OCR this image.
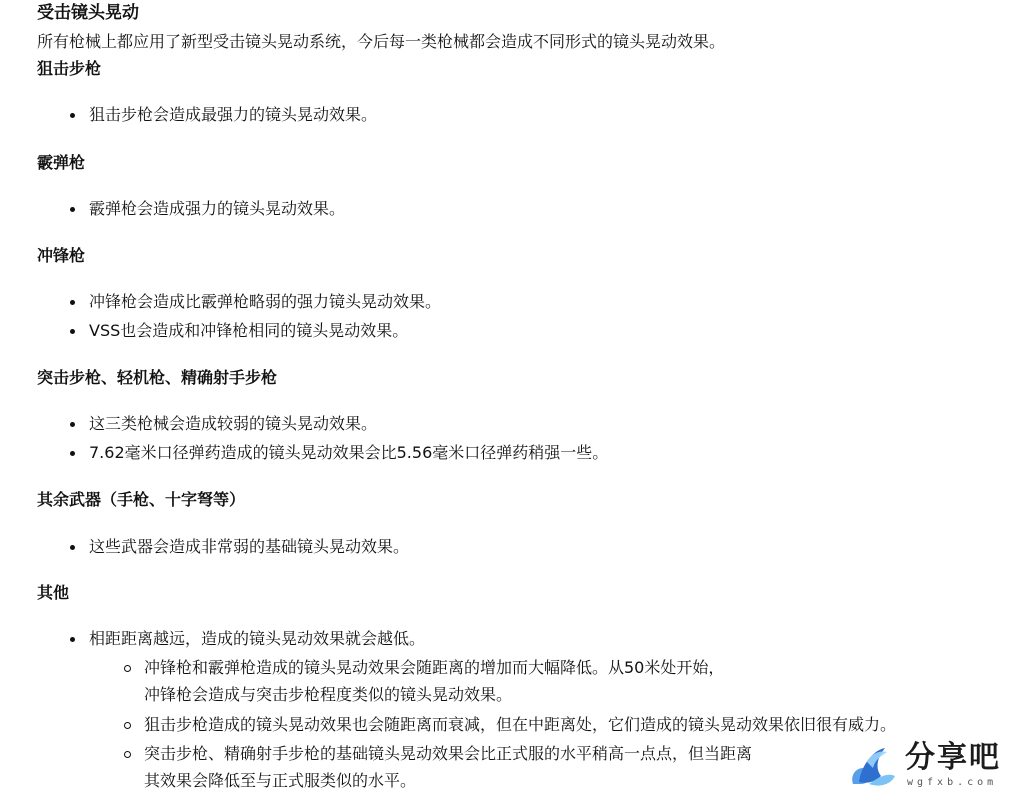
受击镜头晃动
所有枪械上都应用了新型受击镜头晃动系统，今后每一类枪械都会造成不同形式的镜头晃动效果。
狙击步枪
狙击步枪会造成最强力的镜头晃动效果。
霰弹枪
霰弹枪会造成强力的镜头晃动效果。
冲锋枪
冲锋枪会造成比霰弹枪略弱的强力镜头晃动效果。
VSS也会造成和冲锋枪相同的镜头晃动效果。
突击步枪、轻机枪、精确射手步枪
这三类枪械会造成较弱的镜头晃动效果。
7.62毫米口径弹药造成的镜头晃动效果会比5.56毫米口径弹药稍强一些。
其余武器（手枪、十字弩等）
这些武器会造成非常弱的基础镜头晃动效果。
其他
相距距离越远，造成的镜头晃动效果就会越低。
冲锋枪和霰弹枪造成的镜头晃动效果会随距离的增加而大幅降低。从50米处开始，
冲锋枪会造成与突击步枪程度类似的镜头晃动效果。
狙击步枪造成的镜头晃动效果也会随距离而衰减，但在中距离处，它们造成的镜头晃动效果依旧很有威力。
突击步枪、精确射手步枪的基础镜头晃动效果会比正式服的水平稍高一点点，但当距离
其效果会降低至与正式服类似的水平。
分享吧
wgfxb.com
